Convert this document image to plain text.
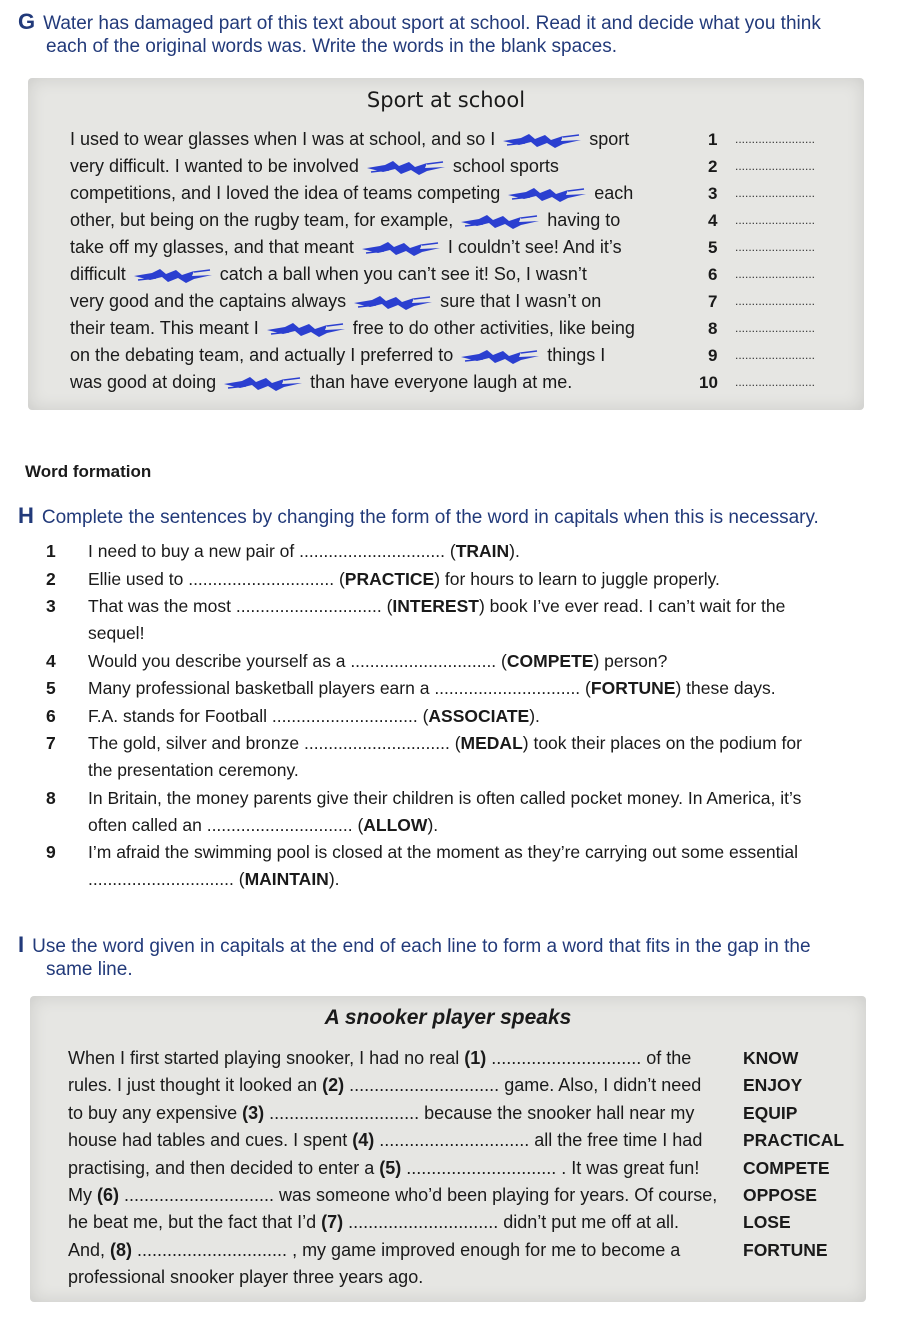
G Water has damaged part of this text about sport at school. Read it and decide what you think
each of the original words was. Write the words in the blank spaces.
Sport at school
I used to wear glasses when I was at school, and so I	sport	1 ........................
very difficult. I wanted to be involved	school sports	2 ........................
competitions, and I loved the idea of teams competing	each	3 ........................
other, but being on the rugby team, for example,	having to	4 ........................
take off my glasses, and that meant	I couldn’t see! And it’s	5 ........................
difficult	catch a ball when you can’t see it! So, I wasn’t	6 ........................
very good and the captains always	sure that I wasn’t on	7 ........................
their team. This meant I	free to do other activities, like being	8 ........................
on the debating team, and actually I preferred to	things I	9 ........................
was good at doing	than have everyone laugh at me.	10 ........................
Word formation
H Complete the sentences by changing the form of the word in capitals when this is necessary.
1	I need to buy a new pair of .............................. (TRAIN).
2	Ellie used to .............................. (PRACTICE) for hours to learn to juggle properly.
3	That was the most .............................. (INTEREST) book I’ve ever read. I can’t wait for the
sequel!
4	Would you describe yourself as a .............................. (COMPETE) person?
5	Many professional basketball players earn a .............................. (FORTUNE) these days.
6	F.A. stands for Football .............................. (ASSOCIATE).
7	The gold, silver and bronze .............................. (MEDAL) took their places on the podium for
the presentation ceremony.
8	In Britain, the money parents give their children is often called pocket money. In America, it’s
often called an .............................. (ALLOW).
9	I’m afraid the swimming pool is closed at the moment as they’re carrying out some essential
.............................. (MAINTAIN).
I Use the word given in capitals at the end of each line to form a word that fits in the gap in the
same line.
A snooker player speaks
When I first started playing snooker, I had no real (1) .............................. of the	KNOW
rules. I just thought it looked an (2) .............................. game. Also, I didn’t need ENJOY
to buy any expensive (3) .............................. because the snooker hall near my	EQUIP
house had tables and cues. I spent (4) .............................. all the free time I had PRACTICAL
practising, and then decided to enter a (5) .............................. . It was great fun! COMPETE
My (6) .............................. was someone who’d been playing for years. Of course, OPPOSE
he beat me, but the fact that I’d (7) .............................. didn’t put me off at all.	LOSE
And, (8) .............................. , my game improved enough for me to become a	FORTUNE
professional snooker player three years ago.
